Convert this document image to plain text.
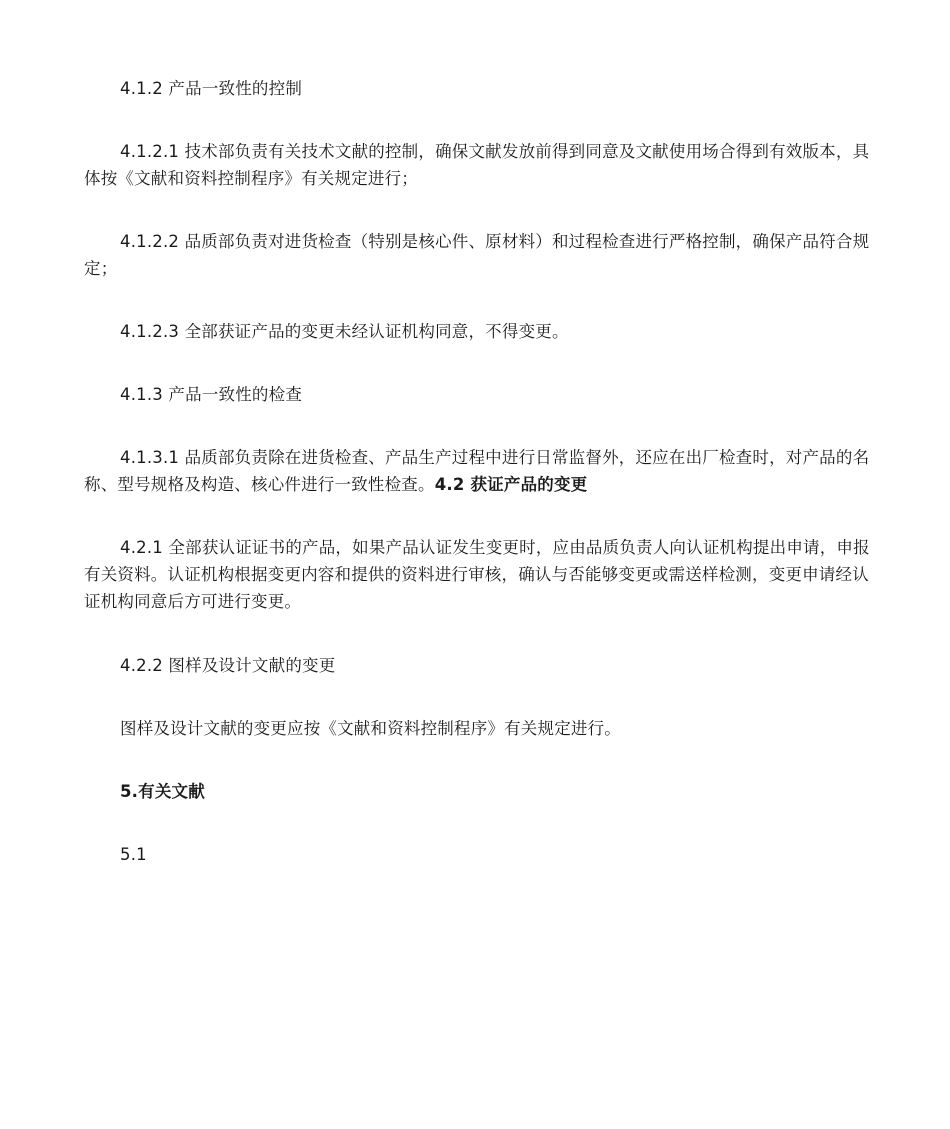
4.1.2 产品一致性的控制

4.1.2.1 技术部负责有关技术文献的控制，确保文献发放前得到同意及文献使用场合得到有效版本，具体按《文献和资料控制程序》有关规定进行；

4.1.2.2 品质部负责对进货检查（特别是核心件、原材料）和过程检查进行严格控制，确保产品符合规定；

4.1.2.3 全部获证产品的变更未经认证机构同意，不得变更。

4.1.3 产品一致性的检查

4.1.3.1 品质部负责除在进货检查、产品生产过程中进行日常监督外，还应在出厂检查时，对产品的名称、型号规格及构造、核心件进行一致性检查。4.2 获证产品的变更

4.2.1 全部获认证证书的产品，如果产品认证发生变更时，应由品质负责人向认证机构提出申请，申报有关资料。认证机构根据变更内容和提供的资料进行审核，确认与否能够变更或需送样检测，变更申请经认证机构同意后方可进行变更。

4.2.2 图样及设计文献的变更

图样及设计文献的变更应按《文献和资料控制程序》有关规定进行。

5.有关文献

5.1
